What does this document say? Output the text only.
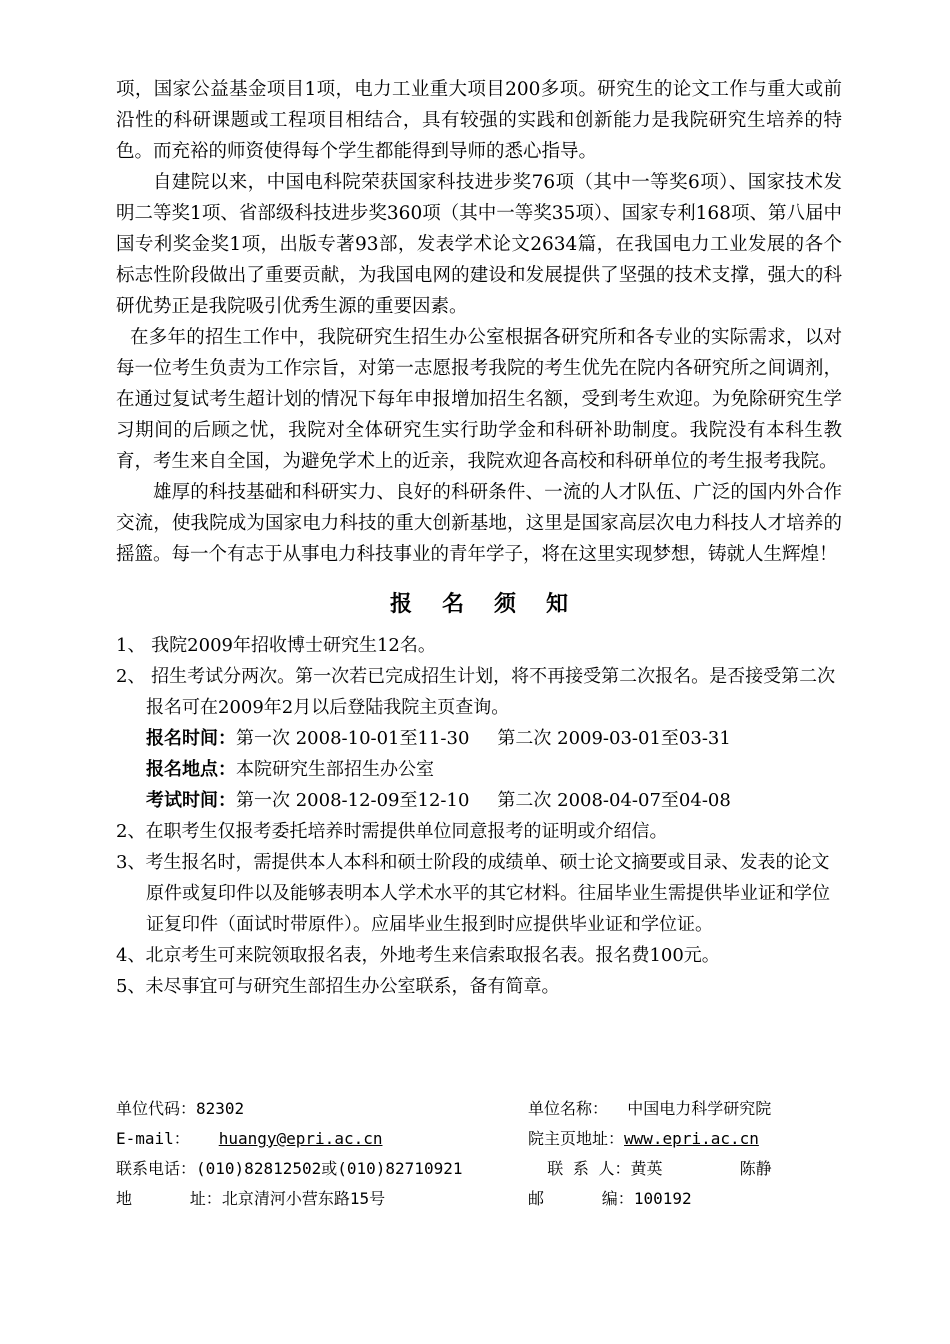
项，国家公益基金项目1项，电力工业重大项目200多项。研究生的论文工作与重大或前沿性的科研课题或工程项目相结合，具有较强的实践和创新能力是我院研究生培养的特色。而充裕的师资使得每个学生都能得到导师的悉心指导。

自建院以来，中国电科院荣获国家科技进步奖76项（其中一等奖6项）、国家技术发明二等奖1项、省部级科技进步奖360项（其中一等奖35项）、国家专利168项、第八届中国专利奖金奖1项，出版专著93部，发表学术论文2634篇，在我国电力工业发展的各个标志性阶段做出了重要贡献，为我国电网的建设和发展提供了坚强的技术支撑，强大的科研优势正是我院吸引优秀生源的重要因素。

在多年的招生工作中，我院研究生招生办公室根据各研究所和各专业的实际需求，以对每一位考生负责为工作宗旨，对第一志愿报考我院的考生优先在院内各研究所之间调剂，在通过复试考生超计划的情况下每年申报增加招生名额，受到考生欢迎。为免除研究生学习期间的后顾之忧，我院对全体研究生实行助学金和科研补助制度。我院没有本科生教育，考生来自全国，为避免学术上的近亲，我院欢迎各高校和科研单位的考生报考我院。

雄厚的科技基础和科研实力、良好的科研条件、一流的人才队伍、广泛的国内外合作交流，使我院成为国家电力科技的重大创新基地，这里是国家高层次电力科技人才培养的摇篮。每一个有志于从事电力科技事业的青年学子，将在这里实现梦想，铸就人生辉煌！

报名须知
1、 我院2009年招收博士研究生12名。
2、 招生考试分两次。第一次若已完成招生计划，将不再接受第二次报名。是否接受第二次报名可在2009年2月以后登陆我院主页查询。
报名时间：第一次 2008-10-01至11-30 第二次 2009-03-01至03-31
报名地点：本院研究生部招生办公室
考试时间：第一次 2008-12-09至12-10 第二次 2008-04-07至04-08
2、在职考生仅报考委托培养时需提供单位同意报考的证明或介绍信。
3、考生报名时，需提供本人本科和硕士阶段的成绩单、硕士论文摘要或目录、发表的论文原件或复印件以及能够表明本人学术水平的其它材料。往届毕业生需提供毕业证和学位证复印件（面试时带原件）。应届毕业生报到时应提供毕业证和学位证。
4、北京考生可来院领取报名表，外地考生来信索取报名表。报名费100元。
5、未尽事宜可与研究生部招生办公室联系，备有简章。
单位代码：82302	单位名称： 中国电力科学研究院
E-mail： huangy@epri.ac.cn	院主页地址：www.epri.ac.cn
联系电话：(010)82812502或(010)82710921	联 系 人：黄英        陈静
地      址：北京清河小营东路15号	邮      编：100192
